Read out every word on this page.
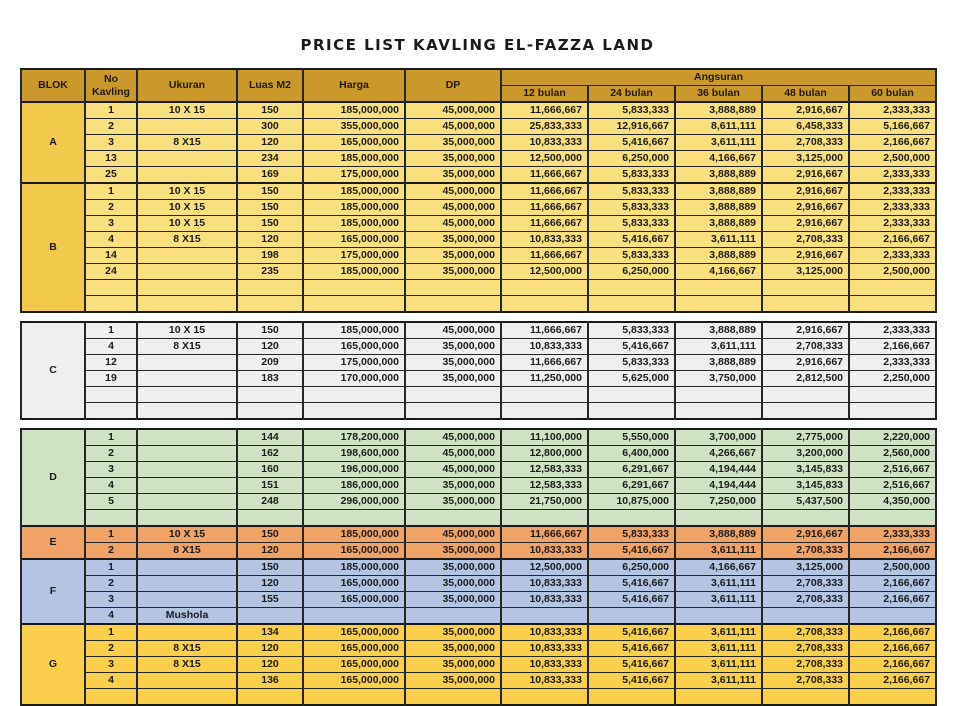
PRICE LIST KAVLING EL-FAZZA LAND
BLOK	No Kavling	Ukuran	Luas M2	Harga	DP	Angsuran				
						12 bulan	24 bulan	36 bulan	48 bulan	60 bulan
A	1	10 X 15	150	185,000,000	45,000,000	11,666,667	5,833,333	3,888,889	2,916,667	2,333,333
	2		300	355,000,000	45,000,000	25,833,333	12,916,667	8,611,111	6,458,333	5,166,667
	3	8 X15	120	165,000,000	35,000,000	10,833,333	5,416,667	3,611,111	2,708,333	2,166,667
	13		234	185,000,000	35,000,000	12,500,000	6,250,000	4,166,667	3,125,000	2,500,000
	25		169	175,000,000	35,000,000	11,666,667	5,833,333	3,888,889	2,916,667	2,333,333
B	1	10 X 15	150	185,000,000	45,000,000	11,666,667	5,833,333	3,888,889	2,916,667	2,333,333
	2	10 X 15	150	185,000,000	45,000,000	11,666,667	5,833,333	3,888,889	2,916,667	2,333,333
	3	10 X 15	150	185,000,000	45,000,000	11,666,667	5,833,333	3,888,889	2,916,667	2,333,333
	4	8 X15	120	165,000,000	35,000,000	10,833,333	5,416,667	3,611,111	2,708,333	2,166,667
	14		198	175,000,000	35,000,000	11,666,667	5,833,333	3,888,889	2,916,667	2,333,333
	24		235	185,000,000	35,000,000	12,500,000	6,250,000	4,166,667	3,125,000	2,500,000

C	1	10 X 15	150	185,000,000	45,000,000	11,666,667	5,833,333	3,888,889	2,916,667	2,333,333
	4	8 X15	120	165,000,000	35,000,000	10,833,333	5,416,667	3,611,111	2,708,333	2,166,667
	12		209	175,000,000	35,000,000	11,666,667	5,833,333	3,888,889	2,916,667	2,333,333
	19		183	170,000,000	35,000,000	11,250,000	5,625,000	3,750,000	2,812,500	2,250,000

D	1		144	178,200,000	45,000,000	11,100,000	5,550,000	3,700,000	2,775,000	2,220,000
	2		162	198,600,000	45,000,000	12,800,000	6,400,000	4,266,667	3,200,000	2,560,000
	3		160	196,000,000	45,000,000	12,583,333	6,291,667	4,194,444	3,145,833	2,516,667
	4		151	186,000,000	35,000,000	12,583,333	6,291,667	4,194,444	3,145,833	2,516,667
	5		248	296,000,000	35,000,000	21,750,000	10,875,000	7,250,000	5,437,500	4,350,000

E	1	10 X 15	150	185,000,000	45,000,000	11,666,667	5,833,333	3,888,889	2,916,667	2,333,333
	2	8 X15	120	165,000,000	35,000,000	10,833,333	5,416,667	3,611,111	2,708,333	2,166,667
F	1		150	185,000,000	35,000,000	12,500,000	6,250,000	4,166,667	3,125,000	2,500,000
	2		120	165,000,000	35,000,000	10,833,333	5,416,667	3,611,111	2,708,333	2,166,667
	3		155	165,000,000	35,000,000	10,833,333	5,416,667	3,611,111	2,708,333	2,166,667
	4	Mushola								
G	1		134	165,000,000	35,000,000	10,833,333	5,416,667	3,611,111	2,708,333	2,166,667
	2	8 X15	120	165,000,000	35,000,000	10,833,333	5,416,667	3,611,111	2,708,333	2,166,667
	3	8 X15	120	165,000,000	35,000,000	10,833,333	5,416,667	3,611,111	2,708,333	2,166,667
	4		136	165,000,000	35,000,000	10,833,333	5,416,667	3,611,111	2,708,333	2,166,667
